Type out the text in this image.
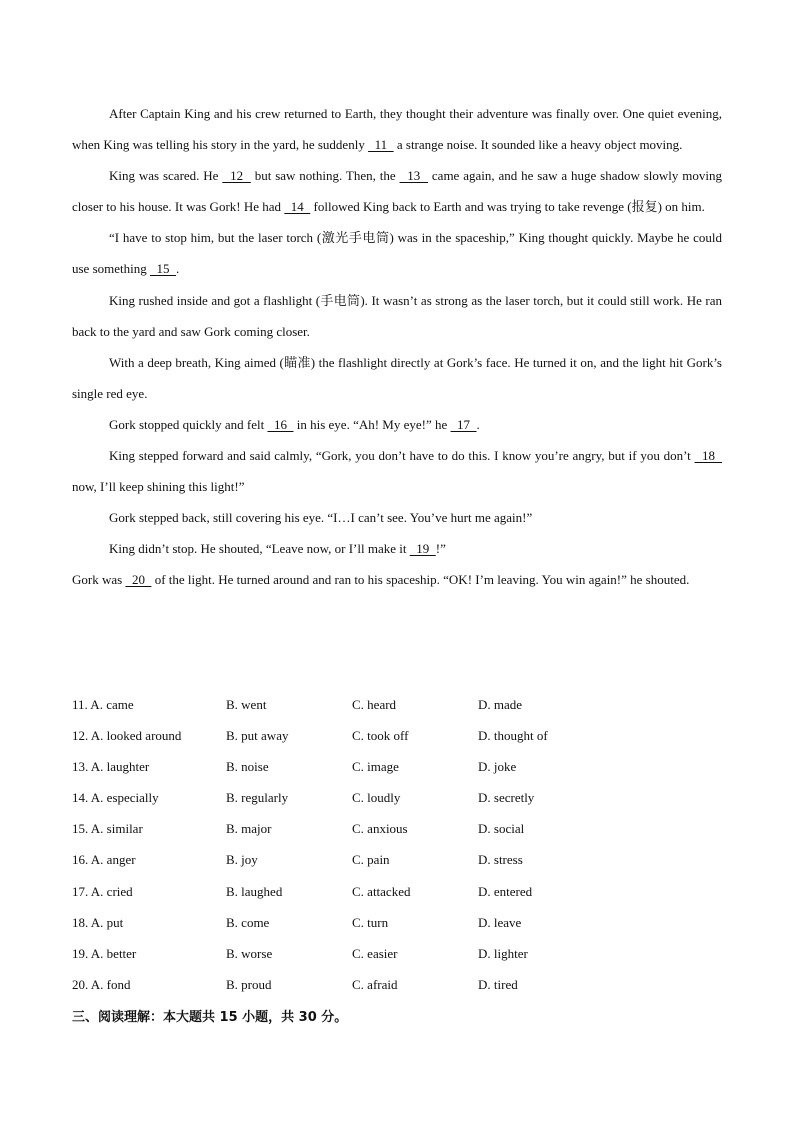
After Captain King and his crew returned to Earth, they thought their adventure was finally over. One quiet evening, when King was telling his story in the yard, he suddenly   11   a strange noise. It sounded like a heavy object moving.

King was scared. He   12   but saw nothing. Then, the   13   came again, and he saw a huge shadow slowly moving closer to his house. It was Gork! He had   14   followed King back to Earth and was trying to take revenge (报复) on him.

“I have to stop him, but the laser torch (激光手电筒) was in the spaceship,” King thought quickly. Maybe he could use something   15  .

King rushed inside and got a flashlight (手电筒). It wasn’t as strong as the laser torch, but it could still work. He ran back to the yard and saw Gork coming closer.

With a deep breath, King aimed (瞄准) the flashlight directly at Gork’s face. He turned it on, and the light hit Gork’s single red eye.

Gork stopped quickly and felt   16   in his eye. “Ah! My eye!” he   17  .

King stepped forward and said calmly, “Gork, you don’t have to do this. I know you’re angry, but if you don’t   18   now, I’ll keep shining this light!”

Gork stepped back, still covering his eye. “I…I can’t see. You’ve hurt me again!”

King didn’t stop. He shouted, “Leave now, or I’ll make it   19  !”

Gork was   20   of the light. He turned around and ran to his spaceship. “OK! I’m leaving. You win again!” he shouted.

11. A. came	B. went	C. heard	D. made
12. A. looked around	B. put away	C. took off	D. thought of
13. A. laughter	B. noise	C. image	D. joke
14. A. especially	B. regularly	C. loudly	D. secretly
15. A. similar	B. major	C. anxious	D. social
16. A. anger	B. joy	C. pain	D. stress
17. A. cried	B. laughed	C. attacked	D. entered
18. A. put	B. come	C. turn	D. leave
19. A. better	B. worse	C. easier	D. lighter
20. A. fond	B. proud	C. afraid	D. tired
三、阅读理解：本大题共 15 小题，共 30 分。
